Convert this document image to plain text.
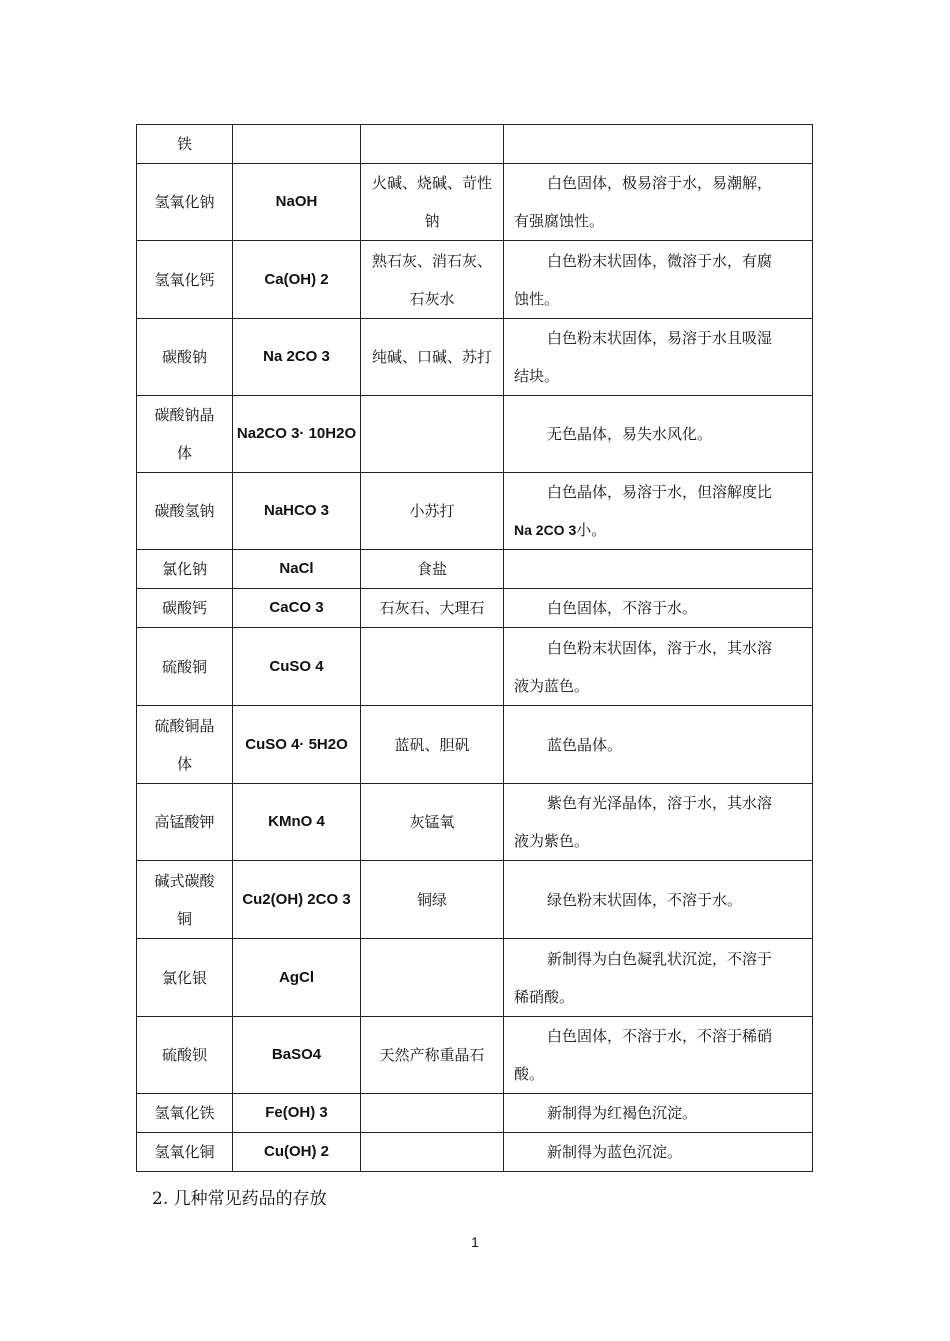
铁			

氢氧化钠	NaOH	火碱、烧碱、苛性钠	白色固体，极易溶于水，易潮解，
有强腐蚀性。

氢氧化钙	Ca(OH) 2	熟石灰、消石灰、石灰水	白色粉末状固体，微溶于水，有腐
蚀性。

碳酸钠	Na 2CO 3	纯碱、口碱、苏打	白色粉末状固体，易溶于水且吸湿
结块。

碳酸钠晶体	Na2CO 3· 10H2O		无色晶体，易失水风化。

碳酸氢钠	NaHCO 3	小苏打	白色晶体，易溶于水，但溶解度比
Na 2CO 3小。

氯化钠	NaCl	食盐	

碳酸钙	CaCO 3	石灰石、大理石	白色固体，不溶于水。

硫酸铜	CuSO 4		白色粉末状固体，溶于水，其水溶
液为蓝色。

硫酸铜晶体	CuSO 4· 5H2O	蓝矾、胆矾	蓝色晶体。

高锰酸钾	KMnO 4	灰锰氧	紫色有光泽晶体，溶于水，其水溶
液为紫色。

碱式碳酸铜	Cu2(OH) 2CO 3	铜绿	绿色粉末状固体，不溶于水。

氯化银	AgCl		新制得为白色凝乳状沉淀，不溶于
稀硝酸。

硫酸钡	BaSO4	天然产称重晶石	白色固体，不溶于水，不溶于稀硝
酸。

氢氧化铁	Fe(OH) 3		新制得为红褐色沉淀。

氢氧化铜	Cu(OH) 2		新制得为蓝色沉淀。
2. 几种常见药品的存放
1
